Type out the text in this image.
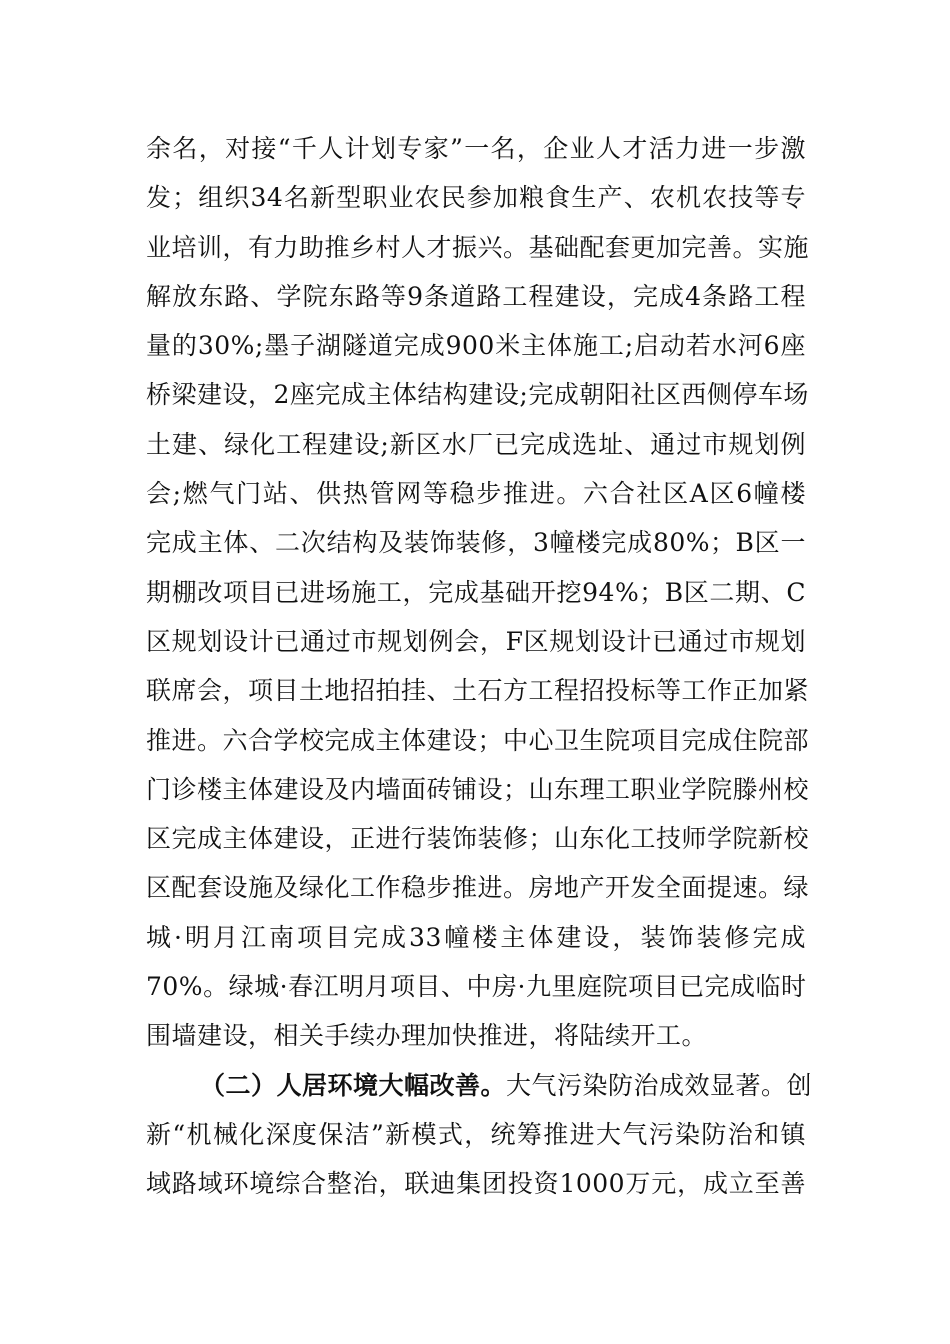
余名，对接“千人计划专家”一名，企业人才活力进一步激
发；组织34名新型职业农民参加粮食生产、农机农技等专
业培训，有力助推乡村人才振兴。基础配套更加完善。实施
解放东路、学院东路等9条道路工程建设，完成4条路工程
量的30%;墨子湖隧道完成900米主体施工;启动若水河6座
桥梁建设，2座完成主体结构建设;完成朝阳社区西侧停车场
土建、绿化工程建设;新区水厂已完成选址、通过市规划例
会;燃气门站、供热管网等稳步推进。六合社区A区6幢楼
完成主体、二次结构及装饰装修，3幢楼完成80%；B区一
期棚改项目已进场施工，完成基础开挖94%；B区二期、C
区规划设计已通过市规划例会，F区规划设计已通过市规划
联席会，项目土地招拍挂、土石方工程招投标等工作正加紧
推进。六合学校完成主体建设；中心卫生院项目完成住院部
门诊楼主体建设及内墙面砖铺设；山东理工职业学院滕州校
区完成主体建设，正进行装饰装修；山东化工技师学院新校
区配套设施及绿化工作稳步推进。房地产开发全面提速。绿
城·明月江南项目完成33幢楼主体建设，装饰装修完成
70%。绿城·春江明月项目、中房·九里庭院项目已完成临时
围墙建设，相关手续办理加快推进，将陆续开工。
（二）人居环境大幅改善。大气污染防治成效显著。创
新“机械化深度保洁”新模式，统筹推进大气污染防治和镇
域路域环境综合整治，联迪集团投资1000万元，成立至善
